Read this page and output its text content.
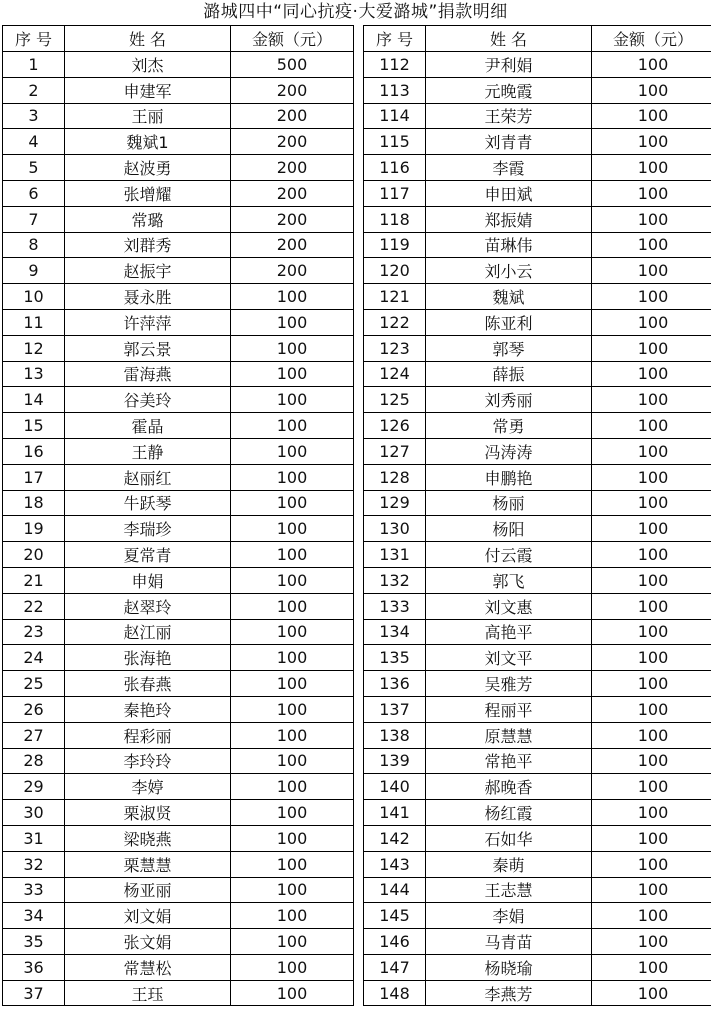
潞城四中“同心抗疫·大爱潞城”捐款明细
序 号	姓 名	金额（元）		序 号	姓 名	金额（元）
1	刘杰	500		112	尹利娟	100
2	申建军	200		113	元晚霞	100
3	王丽	200		114	王荣芳	100
4	魏斌1	200		115	刘青青	100
5	赵波勇	200		116	李霞	100
6	张增耀	200		117	申田斌	100
7	常璐	200		118	郑振婧	100
8	刘群秀	200		119	苗琳伟	100
9	赵振宇	200		120	刘小云	100
10	聂永胜	100		121	魏斌	100
11	许萍萍	100		122	陈亚利	100
12	郭云景	100		123	郭琴	100
13	雷海燕	100		124	薛振	100
14	谷美玲	100		125	刘秀丽	100
15	霍晶	100		126	常勇	100
16	王静	100		127	冯涛涛	100
17	赵丽红	100		128	申鹏艳	100
18	牛跃琴	100		129	杨丽	100
19	李瑞珍	100		130	杨阳	100
20	夏常青	100		131	付云霞	100
21	申娟	100		132	郭飞	100
22	赵翠玲	100		133	刘文惠	100
23	赵江丽	100		134	高艳平	100
24	张海艳	100		135	刘文平	100
25	张春燕	100		136	吴雅芳	100
26	秦艳玲	100		137	程丽平	100
27	程彩丽	100		138	原慧慧	100
28	李玲玲	100		139	常艳平	100
29	李婷	100		140	郝晚香	100
30	栗淑贤	100		141	杨红霞	100
31	梁晓燕	100		142	石如华	100
32	栗慧慧	100		143	秦萌	100
33	杨亚丽	100		144	王志慧	100
34	刘文娟	100		145	李娟	100
35	张文娟	100		146	马青苗	100
36	常慧松	100		147	杨晓瑜	100
37	王珏	100		148	李燕芳	100
